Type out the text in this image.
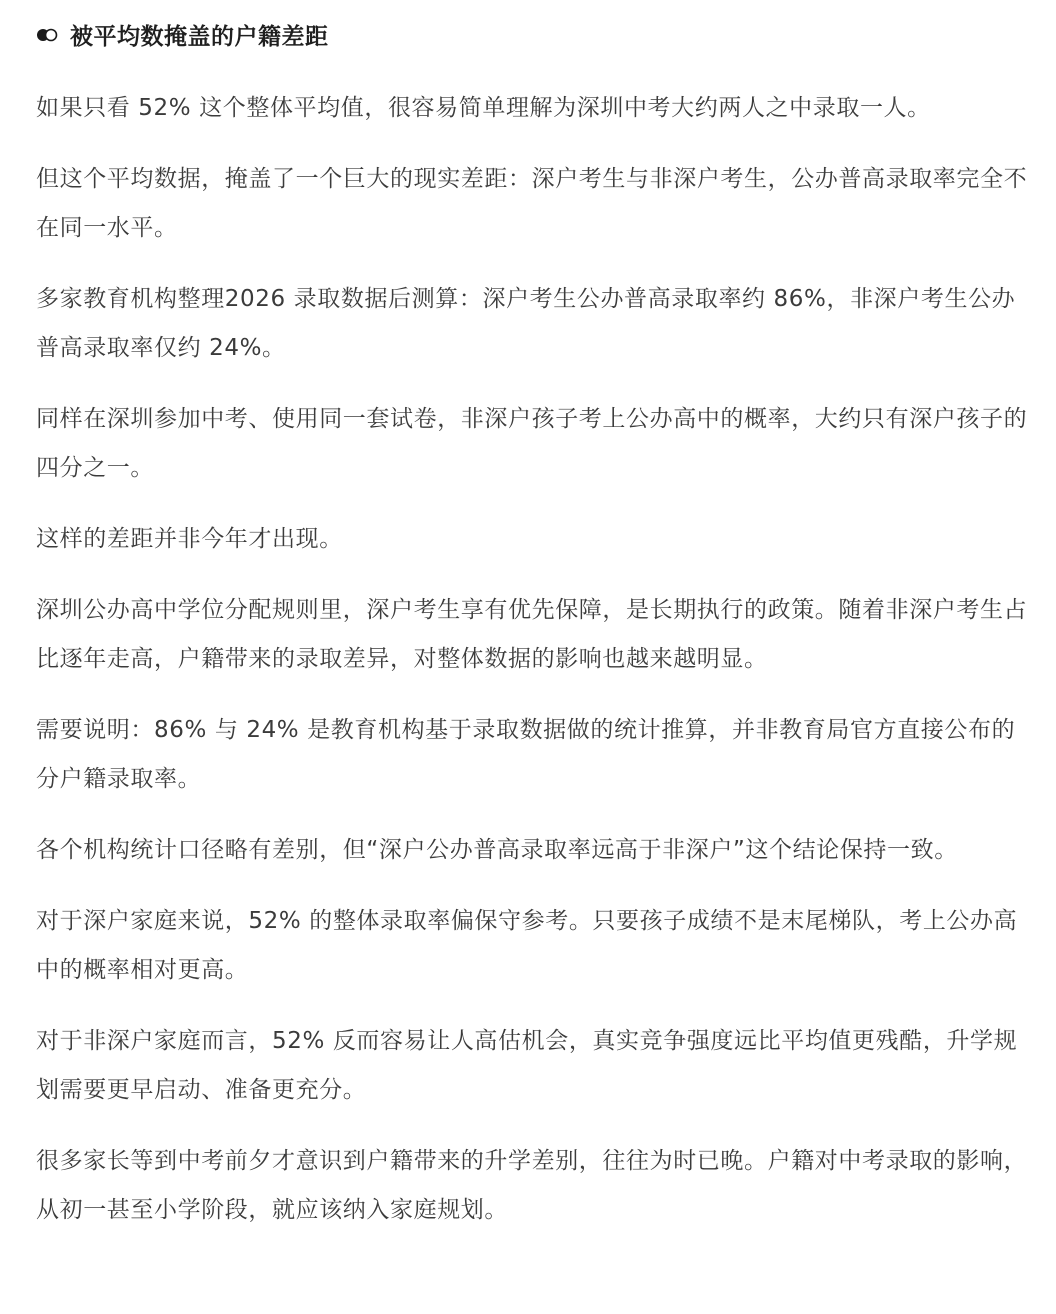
被平均数掩盖的户籍差距

如果只看 52% 这个整体平均值，很容易简单理解为深圳中考大约两人之中录取一人。

但这个平均数据，掩盖了一个巨大的现实差距：深户考生与非深户考生，公办普高录取率完全不在同一水平。

多家教育机构整理2026 录取数据后测算：深户考生公办普高录取率约 86%，非深户考生公办普高录取率仅约 24%。

同样在深圳参加中考、使用同一套试卷，非深户孩子考上公办高中的概率，大约只有深户孩子的四分之一。

这样的差距并非今年才出现。

深圳公办高中学位分配规则里，深户考生享有优先保障，是长期执行的政策。随着非深户考生占比逐年走高，户籍带来的录取差异，对整体数据的影响也越来越明显。

需要说明：86% 与 24% 是教育机构基于录取数据做的统计推算，并非教育局官方直接公布的分户籍录取率。

各个机构统计口径略有差别，但“深户公办普高录取率远高于非深户”这个结论保持一致。

对于深户家庭来说，52% 的整体录取率偏保守参考。只要孩子成绩不是末尾梯队，考上公办高中的概率相对更高。

对于非深户家庭而言，52% 反而容易让人高估机会，真实竞争强度远比平均值更残酷，升学规划需要更早启动、准备更充分。

很多家长等到中考前夕才意识到户籍带来的升学差别，往往为时已晚。户籍对中考录取的影响，从初一甚至小学阶段，就应该纳入家庭规划。
